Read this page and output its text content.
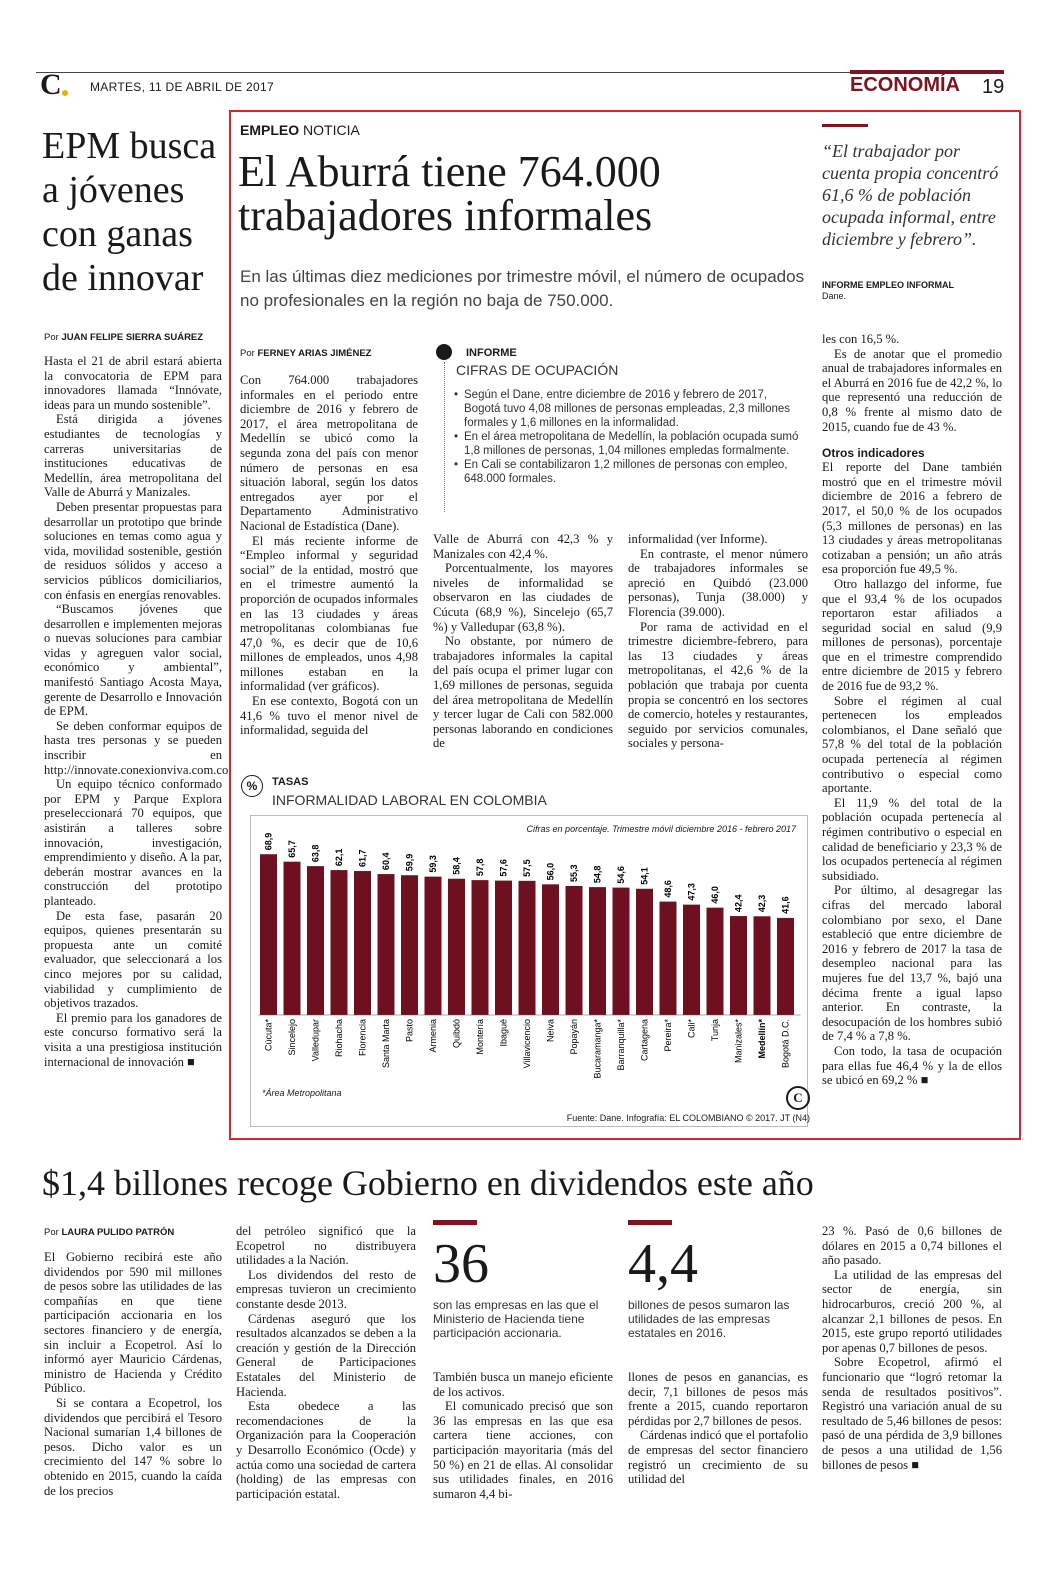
C MARTES, 11 DE ABRIL DE 2017	ECONOMÍA 19
EPM busca
a jóvenes
con ganas
de innovar
Por JUAN FELIPE SIERRA SUÁREZ

Hasta el 21 de abril estará abierta la convocatoria de EPM para innovadores llamada “Innóvate, ideas para un mundo sostenible”.

Está dirigida a jóvenes estudiantes de tecnologías y carreras universitarias de instituciones educativas de Medellín, área metropolitana del Valle de Aburrá y Manizales.

Deben presentar propuestas para desarrollar un prototipo que brinde soluciones en temas como agua y vida, movilidad sostenible, gestión de residuos sólidos y acceso a servicios públicos domiciliarios, con énfasis en energías renovables.

“Buscamos jóvenes que desarrollen e implementen mejoras o nuevas soluciones para cambiar vidas y agreguen valor social, económico y ambiental”, manifestó Santiago Acosta Maya, gerente de Desarrollo e Innovación de EPM.

Se deben conformar equipos de hasta tres personas y se pueden inscribir en http://innovate.conexionviva.com.co.

Un equipo técnico conformado por EPM y Parque Explora preseleccionará 70 equipos, que asistirán a talleres sobre innovación, investigación, emprendimiento y diseño. A la par, deberán mostrar avances en la construcción del prototipo planteado.

De esta fase, pasarán 20 equipos, quienes presentarán su propuesta ante un comité evaluador, que seleccionará a los cinco mejores por su calidad, viabilidad y cumplimiento de objetivos trazados.

El premio para los ganadores de este concurso formativo será la visita a una prestigiosa institución internacional de innovación ■

EMPLEO NOTICIA
El Aburrá tiene 764.000
trabajadores informales
En las últimas diez mediciones por trimestre móvil, el número de ocupados no profesionales en la región no baja de 750.000.
“El trabajador por cuenta propia concentró 61,6 % de población ocupada informal, entre diciembre y febrero”.
INFORME EMPLEO INFORMAL
Dane.
Por FERNEY ARIAS JIMÉNEZ

Con 764.000 trabajadores informales en el periodo entre diciembre de 2016 y febrero de 2017, el área metropolitana de Medellín se ubicó como la segunda zona del país con menor número de personas en esa situación laboral, según los datos entregados ayer por el Departamento Administrativo Nacional de Estadística (Dane).

El más reciente informe de “Empleo informal y seguridad social” de la entidad, mostró que en el trimestre aumentó la proporción de ocupados informales en las 13 ciudades y áreas metropolitanas colombianas fue 47,0 %, es decir que de 10,6 millones de empleados, unos 4,98 millones estaban en la informalidad (ver gráficos).

En ese contexto, Bogotá con un 41,6 % tuvo el menor nivel de informalidad, seguida del

INFORME
CIFRAS DE OCUPACIÓN
• Según el Dane, entre diciembre de 2016 y febrero de 2017, Bogotá tuvo 4,08 millones de personas empleadas, 2,3 millones formales y 1,6 millones en la informalidad.
• En el área metropolitana de Medellín, la población ocupada sumó 1,8 millones de personas, 1,04 millones empledas formalmente.
• En Cali se contabilizaron 1,2 millones de personas con empleo, 648.000 formales.

Valle de Aburrá con 42,3 % y Manizales con 42,4 %.

Porcentualmente, los mayores niveles de informalidad se observaron en las ciudades de Cúcuta (68,9 %), Sincelejo (65,7 %) y Valledupar (63,8 %).

No obstante, por número de trabajadores informales la capital del país ocupa el primer lugar con 1,69 millones de personas, seguida del área metropolitana de Medellín y tercer lugar de Cali con 582.000 personas laborando en condiciones de

informalidad (ver Informe).

En contraste, el menor número de trabajadores informales se apreció en Quibdó (23.000 personas), Tunja (38.000) y Florencia (39.000).

Por rama de actividad en el trimestre diciembre-febrero, para las 13 ciudades y áreas metropolitanas, el 42,6 % de la población que trabaja por cuenta propia se concentró en los sectores de comercio, hoteles y restaurantes, seguido por servicios comunales, sociales y persona-

les con 16,5 %.

Es de anotar que el promedio anual de trabajadores informales en el Aburrá en 2016 fue de 42,2 %, lo que representó una reducción de 0,8 % frente al mismo dato de 2015, cuando fue de 43 %.

Otros indicadores

El reporte del Dane también mostró que en el trimestre móvil diciembre de 2016 a febrero de 2017, el 50,0 % de los ocupados (5,3 millones de personas) en las 13 ciudades y áreas metropolitanas cotizaban a pensión; un año atrás esa proporción fue 49,5 %.

Otro hallazgo del informe, fue que el 93,4 % de los ocupados reportaron estar afiliados a seguridad social en salud (9,9 millones de personas), porcentaje que en el trimestre comprendido entre diciembre de 2015 y febrero de 2016 fue de 93,2 %.

Sobre el régimen al cual pertenecen los empleados colombianos, el Dane señaló que 57,8 % del total de la población ocupada pertenecía al régimen contributivo o especial como aportante.

El 11,9 % del total de la población ocupada pertenecía al régimen contributivo o especial en calidad de beneficiario y 23,3 % de los ocupados pertenecía al régimen subsidiado.

Por último, al desagregar las cifras del mercado laboral colombiano por sexo, el Dane estableció que entre diciembre de 2016 y febrero de 2017 la tasa de desempleo nacional para las mujeres fue del 13,7 %, bajó una décima frente a igual lapso anterior. En contraste, la desocupación de los hombres subió de 7,4 % a 7,8 %.

Con todo, la tasa de ocupación para ellas fue 46,4 % y la de ellos se ubicó en 69,2 % ■

%	TASAS
INFORMALIDAD LABORAL EN COLOMBIA
Cifras en porcentaje. Trimestre móvil diciembre 2016 - febrero 2017
68,9
Cúcuta*
65,7
Sincelejo
63,8
Valledupar
62,1
Riohacha
61,7
Florencia
60,4
Santa Marta
59,9
Pasto
59,3
Armenia
58,4
Quibdó
57,8
Montería
57,6
Ibagué
57,5
Villavicencio
56,0
Neiva
55,3
Popayán
54,8
Bucaramanga*
54,6
Barranquilla*
54,1
Cartagena
48,6
Pereira*
47,3
Cali*
46,0
Tunja
42,4
Manizales*
42,3
Medellín*
41,6
Bogotá D.C.
*Área Metropolitana	C
Fuente: Dane. Infografía: EL COLOMBIANO © 2017. JT (N4)
$1,4 billones recoge Gobierno en dividendos este año
Por LAURA PULIDO PATRÓN

El Gobierno recibirá este año dividendos por 590 mil millones de pesos sobre las utilidades de las compañías en que tiene participación accionaria en los sectores financiero y de energía, sin incluir a Ecopetrol. Así lo informó ayer Mauricio Cárdenas, ministro de Hacienda y Crédito Público.

Si se contara a Ecopetrol, los dividendos que percibirá el Tesoro Nacional sumarían 1,4 billones de pesos. Dicho valor es un crecimiento del 147 % sobre lo obtenido en 2015, cuando la caída de los precios

del petróleo significó que la Ecopetrol no distribuyera utilidades a la Nación.

Los dividendos del resto de empresas tuvieron un crecimiento constante desde 2013.

Cárdenas aseguró que los resultados alcanzados se deben a la creación y gestión de la Dirección General de Participaciones Estatales del Ministerio de Hacienda.

Esta obedece a las recomendaciones de la Organización para la Cooperación y Desarrollo Económico (Ocde) y actúa como una sociedad de cartera (holding) de las empresas con participación estatal.

36
son las empresas en las que el Ministerio de Hacienda tiene participación accionaria.
4,4
billones de pesos sumaron las utilidades de las empresas estatales en 2016.

También busca un manejo eficiente de los activos.

El comunicado precisó que son 36 las empresas en las que esa cartera tiene acciones, con participación mayoritaria (más del 50 %) en 21 de ellas. Al consolidar sus utilidades finales, en 2016 sumaron 4,4 bi-

llones de pesos en ganancias, es decir, 7,1 billones de pesos más frente a 2015, cuando reportaron pérdidas por 2,7 billones de pesos.

Cárdenas indicó que el portafolio de empresas del sector financiero registró un crecimiento de su utilidad del

23 %. Pasó de 0,6 billones de dólares en 2015 a 0,74 billones el año pasado.

La utilidad de las empresas del sector de energía, sin hidrocarburos, creció 200 %, al alcanzar 2,1 billones de pesos. En 2015, este grupo reportó utilidades por apenas 0,7 billones de pesos.

Sobre Ecopetrol, afirmó el funcionario que “logró retomar la senda de resultados positivos”. Registró una variación anual de su resultado de 5,46 billones de pesos: pasó de una pérdida de 3,9 billones de pesos a una utilidad de 1,56 billones de pesos ■
